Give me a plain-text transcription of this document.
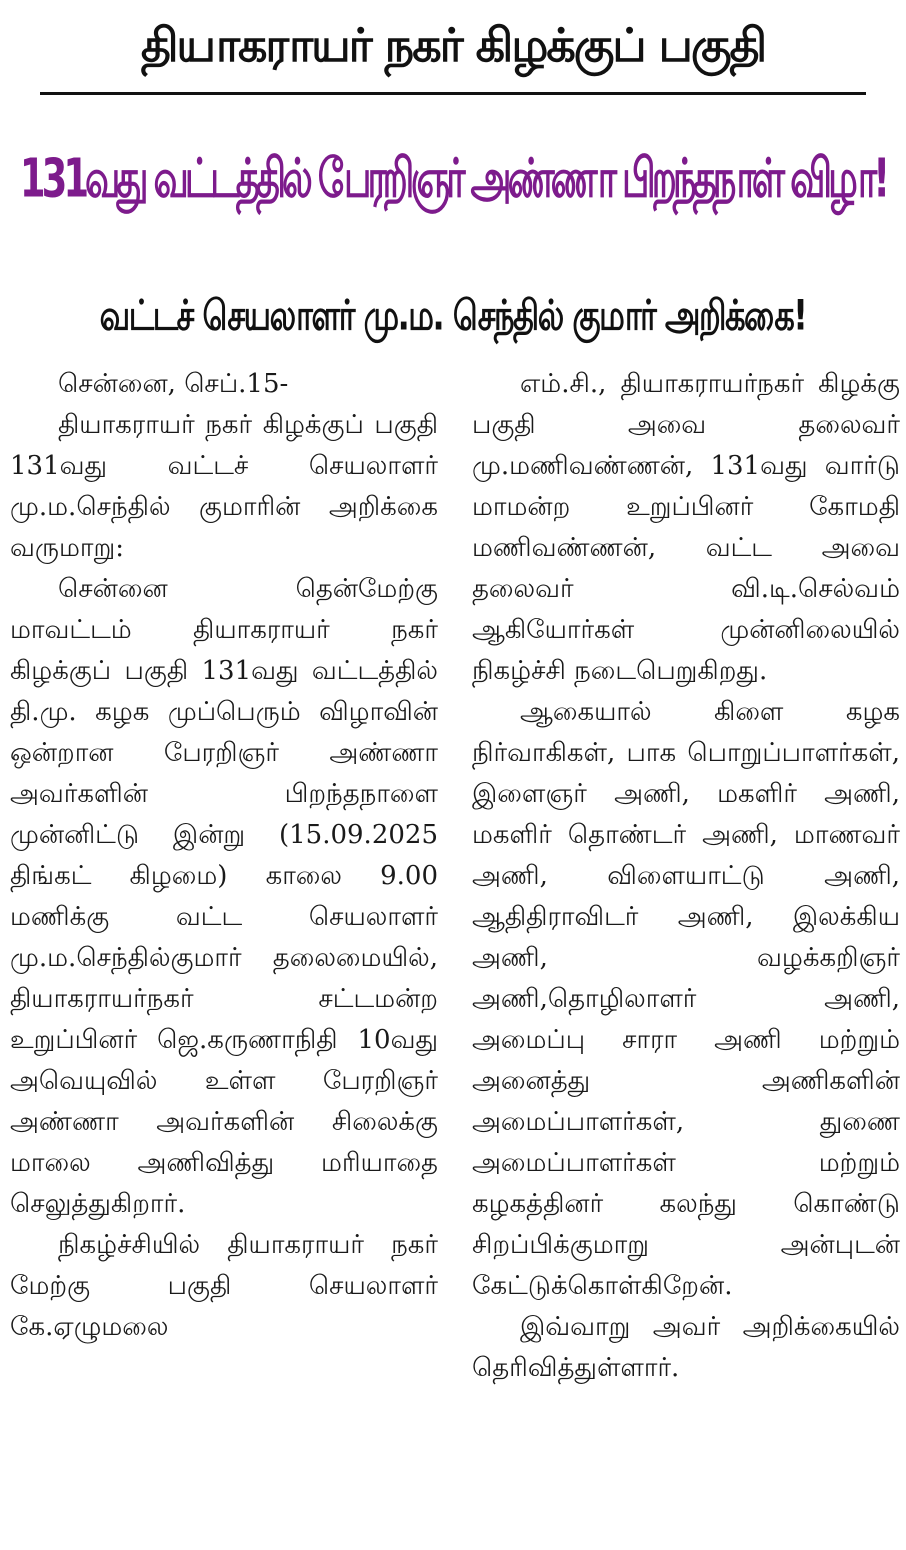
தியாகராயர் நகர் கிழக்குப் பகுதி
131வது வட்டத்தில் பேரறிஞர் அண்ணா பிறந்தநாள் விழா!
வட்டச் செயலாளர் மு.ம. செந்தில் குமார் அறிக்கை!

சென்னை, செப்.15-

தியாகராயர் நகர் கிழக்குப் பகுதி 131வது வட்டச் செயலாளர் மு.ம.செந்தில் குமாரின் அறிக்கை வருமாறு:

சென்னை தென்மேற்கு மாவட்டம் தியாகராயர் நகர் கிழக்குப் பகுதி 131வது வட்டத்தில் தி.மு. கழக முப்பெரும் விழாவின் ஒன்றான பேரறிஞர் அண்ணா அவர்களின் பிறந்தநாளை முன்னிட்டு இன்று (15.09.2025 திங்கட் கிழமை) காலை 9.00 மணிக்கு வட்ட செயலாளர் மு.ம.செந்தில்குமார் தலைமையில், தியாகராயர்நகர் சட்டமன்ற உறுப்பினர் ஜெ.கருணாநிதி 10வது அவெயுவில் உள்ள பேரறிஞர் அண்ணா அவர்களின் சிலைக்கு மாலை அணிவித்து மரியாதை செலுத்துகிறார்.

நிகழ்ச்சியில் தியாகராயர் நகர் மேற்கு பகுதி செயலாளர் கே.ஏழுமலை

எம்.சி., தியாகராயர்நகர் கிழக்கு பகுதி அவை தலைவர் மு.மணிவண்ணன், 131வது வார்டு மாமன்ற உறுப்பினர் கோமதி மணிவண்ணன், வட்ட அவை தலைவர் வி.டி.செல்வம் ஆகியோர்கள் முன்னிலையில் நிகழ்ச்சி நடைபெறுகிறது.

ஆகையால் கிளை கழக நிர்வாகிகள், பாக பொறுப்பாளர்கள், இளைஞர் அணி, மகளிர் அணி, மகளிர் தொண்டர் அணி, மாணவர் அணி, விளையாட்டு அணி, ஆதிதிராவிடர் அணி, இலக்கிய அணி, வழக்கறிஞர் அணி,தொழிலாளர் அணி, அமைப்பு சாரா அணி மற்றும் அனைத்து அணிகளின் அமைப்பாளர்கள், துணை அமைப்பாளர்கள் மற்றும் கழகத்தினர் கலந்து கொண்டு சிறப்பிக்குமாறு அன்புடன் கேட்டுக்கொள்கிறேன்.

இவ்வாறு அவர் அறிக்கையில் தெரிவித்துள்ளார்.
